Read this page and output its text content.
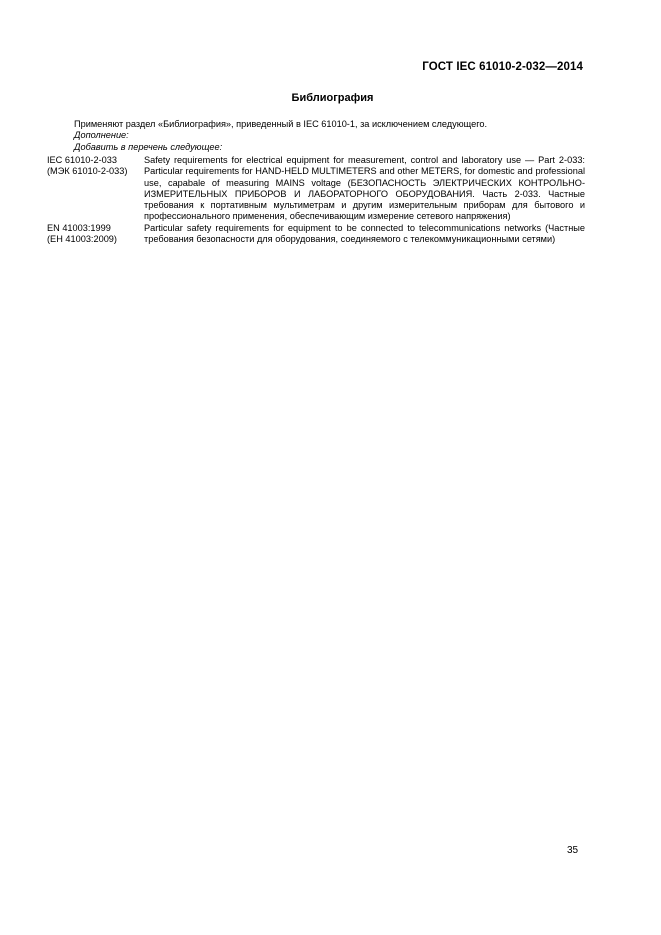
ГОСТ IEC 61010-2-032—2014
Библиография
Применяют раздел «Библиография», приведенный в IEC 61010-1, за исключением следующего.
Дополнение:
Добавить в перечень следующее:
IEC 61010-2-033
(МЭК 61010-2-033)
Safety requirements for electrical equipment for measurement, control and laboratory use — Part 2-033: Particular requirements for HAND-HELD MULTIMETERS and other METERS, for domestic and professional use, capabale of measuring MAINS voltage (БЕЗОПАСНОСТЬ ЭЛЕКТРИЧЕСКИХ КОНТРОЛЬНО-ИЗМЕРИТЕЛЬНЫХ ПРИБОРОВ И ЛАБОРАТОРНОГО ОБОРУДОВАНИЯ. Часть 2-033. Частные требования к портативным мультиметрам и другим измерительным приборам для бытового и профессионального применения, обеспечивающим измерение сетевого напряжения)
EN 41003:1999
(ЕН 41003:2009)
Particular safety requirements for equipment to be connected to telecommunications networks (Частные требования безопасности для оборудования, соединяемого с телекоммуникационными сетями)
35
